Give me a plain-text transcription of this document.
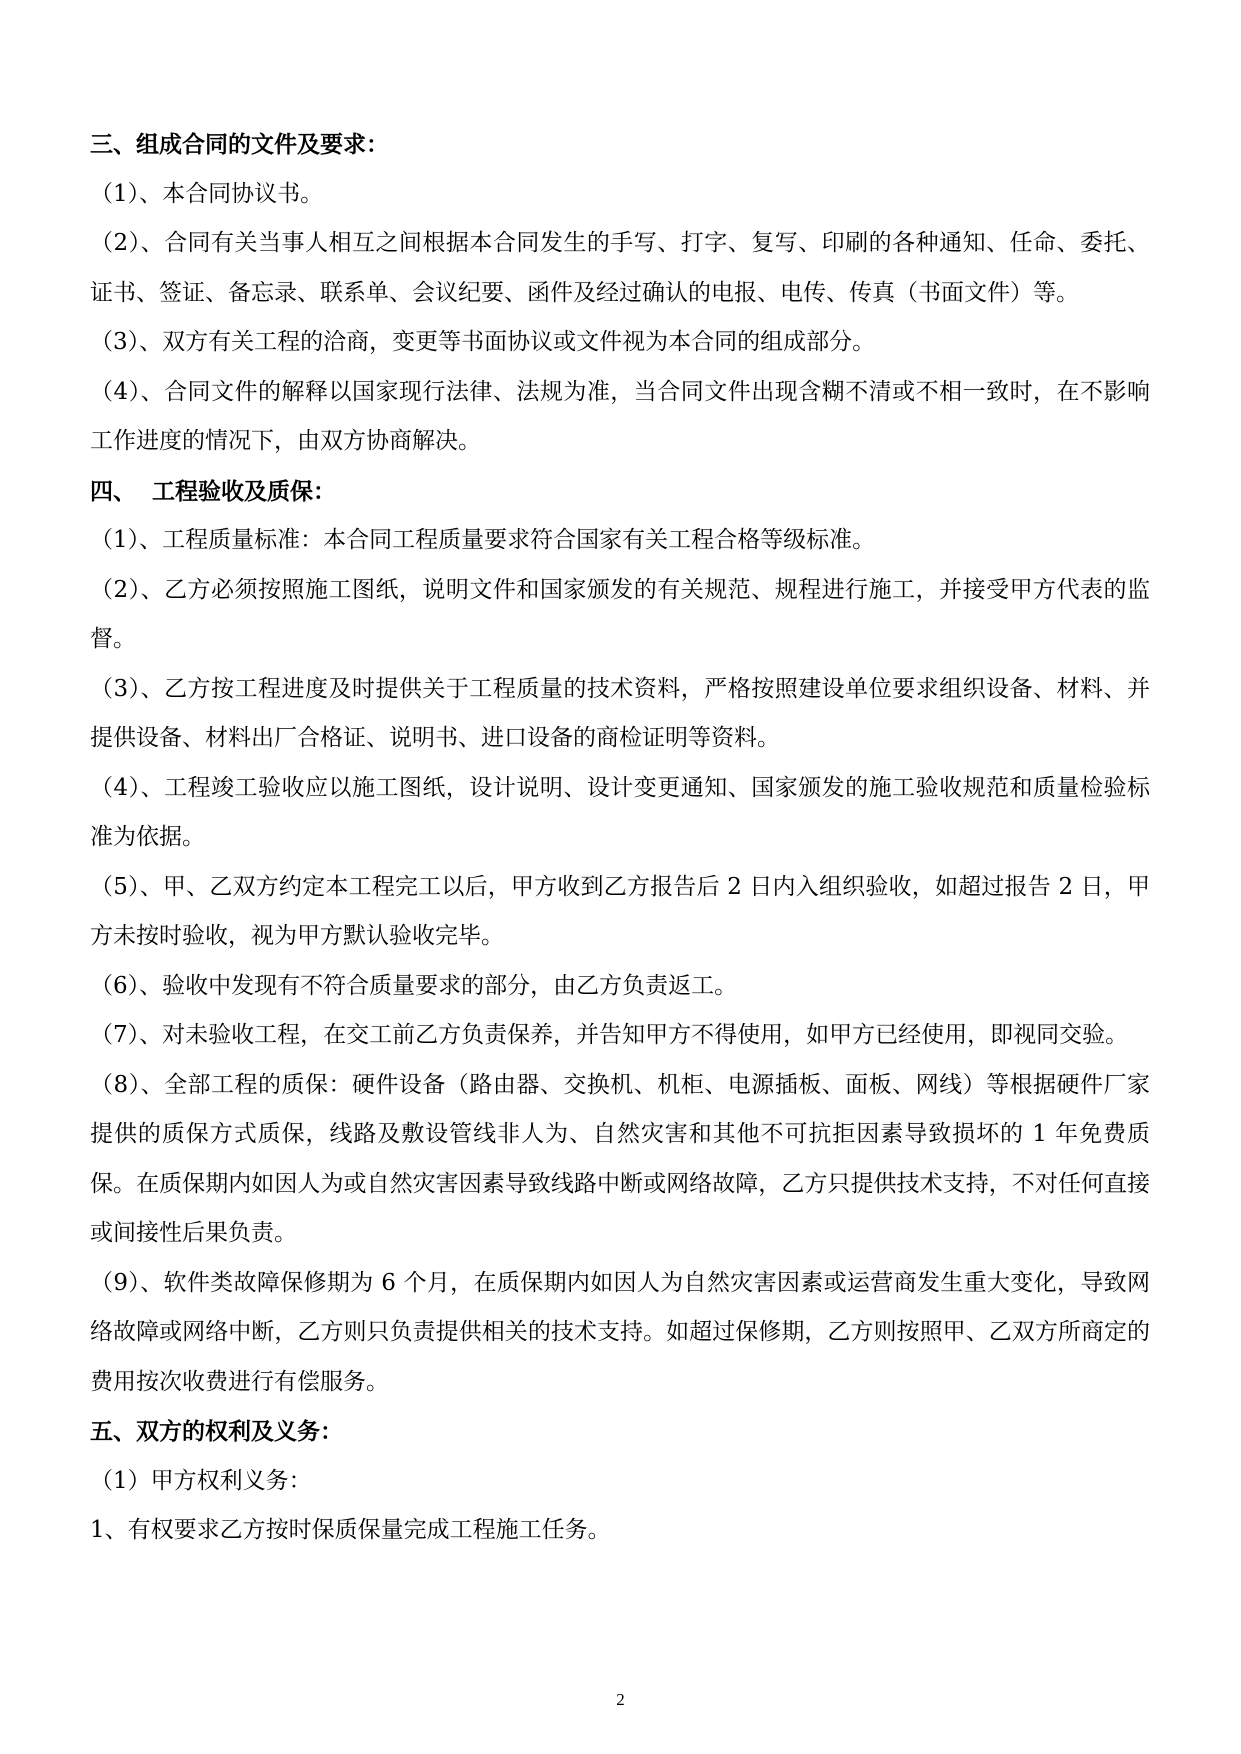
三、组成合同的文件及要求：
（1）、本合同协议书。
（2）、合同有关当事人相互之间根据本合同发生的手写、打字、复写、印刷的各种通知、任命、委托、证书、签证、备忘录、联系单、会议纪要、函件及经过确认的电报、电传、传真（书面文件）等。
（3）、双方有关工程的洽商，变更等书面协议或文件视为本合同的组成部分。
（4）、合同文件的解释以国家现行法律、法规为准，当合同文件出现含糊不清或不相一致时，在不影响工作进度的情况下，由双方协商解决。
四、  工程验收及质保：
（1）、工程质量标准：本合同工程质量要求符合国家有关工程合格等级标准。
（2）、乙方必须按照施工图纸，说明文件和国家颁发的有关规范、规程进行施工，并接受甲方代表的监督。
（3）、乙方按工程进度及时提供关于工程质量的技术资料，严格按照建设单位要求组织设备、材料、并提供设备、材料出厂合格证、说明书、进口设备的商检证明等资料。
（4）、工程竣工验收应以施工图纸，设计说明、设计变更通知、国家颁发的施工验收规范和质量检验标准为依据。
（5）、甲、乙双方约定本工程完工以后，甲方收到乙方报告后 2 日内入组织验收，如超过报告 2 日，甲方未按时验收，视为甲方默认验收完毕。
（6）、验收中发现有不符合质量要求的部分，由乙方负责返工。
（7）、对未验收工程，在交工前乙方负责保养，并告知甲方不得使用，如甲方已经使用，即视同交验。
（8）、全部工程的质保：硬件设备（路由器、交换机、机柜、电源插板、面板、网线）等根据硬件厂家提供的质保方式质保，线路及敷设管线非人为、自然灾害和其他不可抗拒因素导致损坏的 1 年免费质保。在质保期内如因人为或自然灾害因素导致线路中断或网络故障，乙方只提供技术支持，不对任何直接或间接性后果负责。
（9）、软件类故障保修期为 6 个月，在质保期内如因人为自然灾害因素或运营商发生重大变化，导致网络故障或网络中断，乙方则只负责提供相关的技术支持。如超过保修期，乙方则按照甲、乙双方所商定的费用按次收费进行有偿服务。
五、双方的权利及义务：
（1）甲方权利义务：
1、有权要求乙方按时保质保量完成工程施工任务。
2
